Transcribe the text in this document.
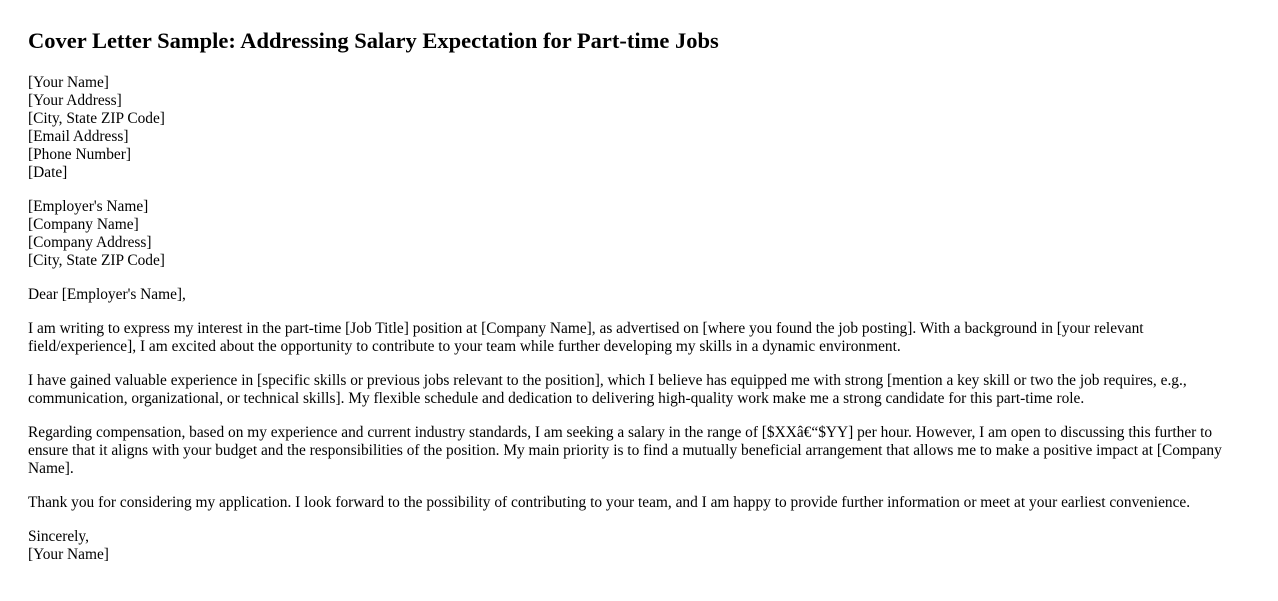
Cover Letter Sample: Addressing Salary Expectation for Part-time Jobs
[Your Name]
[Your Address]
[City, State ZIP Code]
[Email Address]
[Phone Number]
[Date]
[Employer's Name]
[Company Name]
[Company Address]
[City, State ZIP Code]

Dear [Employer's Name],

I am writing to express my interest in the part-time [Job Title] position at [Company Name], as advertised on [where you found the job posting]. With a background in [your relevant field/experience], I am excited about the opportunity to contribute to your team while further developing my skills in a dynamic environment.

I have gained valuable experience in [specific skills or previous jobs relevant to the position], which I believe has equipped me with strong [mention a key skill or two the job requires, e.g., communication, organizational, or technical skills]. My flexible schedule and dedication to delivering high-quality work make me a strong candidate for this part-time role.

Regarding compensation, based on my experience and current industry standards, I am seeking a salary in the range of [$XXâ€“$YY] per hour. However, I am open to discussing this further to ensure that it aligns with your budget and the responsibilities of the position. My main priority is to find a mutually beneficial arrangement that allows me to make a positive impact at [Company Name].

Thank you for considering my application. I look forward to the possibility of contributing to your team, and I am happy to provide further information or meet at your earliest convenience.

Sincerely,
[Your Name]
